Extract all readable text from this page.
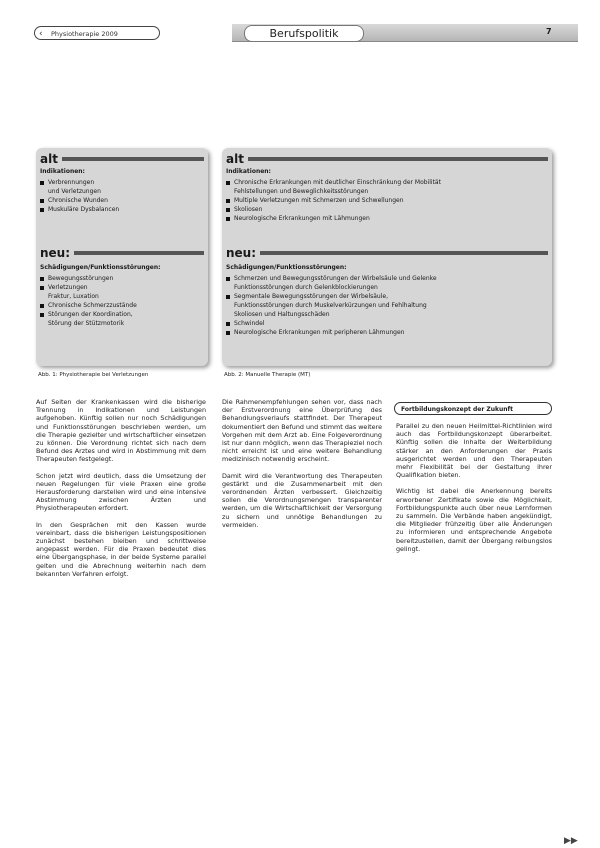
‹ Physiotherapie 2009	Berufspolitik	7
alt
Indikationen:
Verbrennungen
und Verletzungen
Chronische Wunden
Muskuläre Dysbalancen
neu:
Schädigungen/Funktionsstörungen:
Bewegungsstörungen
Verletzungen
Fraktur, Luxation
Chronische Schmerzzustände
Störungen der Koordination,
Störung der Stützmotorik
alt
Indikationen:
Chronische Erkrankungen mit deutlicher Einschränkung der Mobilität
Fehlstellungen und Beweglichkeitsstörungen
Multiple Verletzungen mit Schmerzen und Schwellungen
Skoliosen
Neurologische Erkrankungen mit Lähmungen
neu:
Schädigungen/Funktionsstörungen:
Schmerzen und Bewegungsstörungen der Wirbelsäule und Gelenke
Funktionsstörungen durch Gelenkblockierungen
Segmentale Bewegungsstörungen der Wirbelsäule,
Funktionsstörungen durch Muskelverkürzungen und Fehlhaltung
Skoliosen und Haltungsschäden
Schwindel
Neurologische Erkrankungen mit peripheren Lähmungen
Abb. 1: Physiotherapie bei Verletzungen	Abb. 2: Manuelle Therapie (MT)

Auf Seiten der Krankenkassen wird die bisherige Trennung in Indikationen und Leistungen aufgehoben. Künftig sollen nur noch Schädigungen und Funktionsstörungen beschrieben werden, um die Therapie gezielter und wirtschaftlicher einsetzen zu können. Die Verordnung richtet sich nach dem Befund des Arztes und wird in Abstimmung mit dem Therapeuten festgelegt.

Schon jetzt wird deutlich, dass die Umsetzung der neuen Regelungen für viele Praxen eine große Herausforderung darstellen wird und eine intensive Abstimmung zwischen Ärzten und Physiotherapeuten erfordert.

In den Gesprächen mit den Kassen wurde vereinbart, dass die bisherigen Leistungspositionen zunächst bestehen bleiben und schrittweise angepasst werden. Für die Praxen bedeutet dies eine Übergangsphase, in der beide Systeme parallel gelten und die Abrechnung weiterhin nach dem bekannten Verfahren erfolgt.

Die Rahmenempfehlungen sehen vor, dass nach der Erstverordnung eine Überprüfung des Behandlungsverlaufs stattfindet. Der Therapeut dokumentiert den Befund und stimmt das weitere Vorgehen mit dem Arzt ab. Eine Folgeverordnung ist nur dann möglich, wenn das Therapieziel noch nicht erreicht ist und eine weitere Behandlung medizinisch notwendig erscheint.

Damit wird die Verantwortung des Therapeuten gestärkt und die Zusammenarbeit mit den verordnenden Ärzten verbessert. Gleichzeitig sollen die Verordnungsmengen transparenter werden, um die Wirtschaftlichkeit der Versorgung zu sichern und unnötige Behandlungen zu vermeiden.

Fortbildungskonzept der Zukunft

Parallel zu den neuen Heilmittel-Richtlinien wird auch das Fortbildungskonzept überarbeitet. Künftig sollen die Inhalte der Weiterbildung stärker an den Anforderungen der Praxis ausgerichtet werden und den Therapeuten mehr Flexibilität bei der Gestaltung ihrer Qualifikation bieten.

Wichtig ist dabei die Anerkennung bereits erworbener Zertifikate sowie die Möglichkeit, Fortbildungspunkte auch über neue Lernformen zu sammeln. Die Verbände haben angekündigt, die Mitglieder frühzeitig über alle Änderungen zu informieren und entsprechende Angebote bereitzustellen, damit der Übergang reibungslos gelingt.

▶▶
